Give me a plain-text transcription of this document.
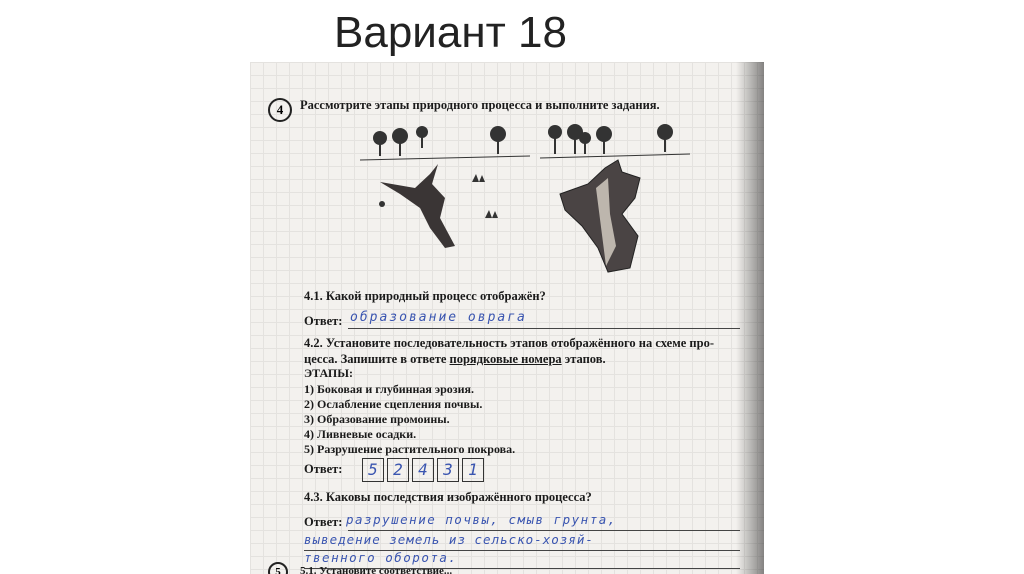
Вариант 18
4	Рассмотрите этапы природного процесса и выполните задания.
4.1. Какой природный процесс отображён?
Ответ: образование оврага
4.2. Установите последовательность этапов отображённого на схеме про-
цесса. Запишите в ответе порядковые номера этапов.
ЭТАПЫ:
1) Боковая и глубинная эрозия.
2) Ослабление сцепления почвы.
3) Образование промоины.
4) Ливневые осадки.
5) Разрушение растительного покрова.
Ответ:	5 2 4 3 1
4.3. Каковы последствия изображённого процесса?
Ответ: разрушение почвы, смыв грунта,
выведение земель из сельско-хозяй-
твенного оборота.
5	5.1. Установите соответствие...
